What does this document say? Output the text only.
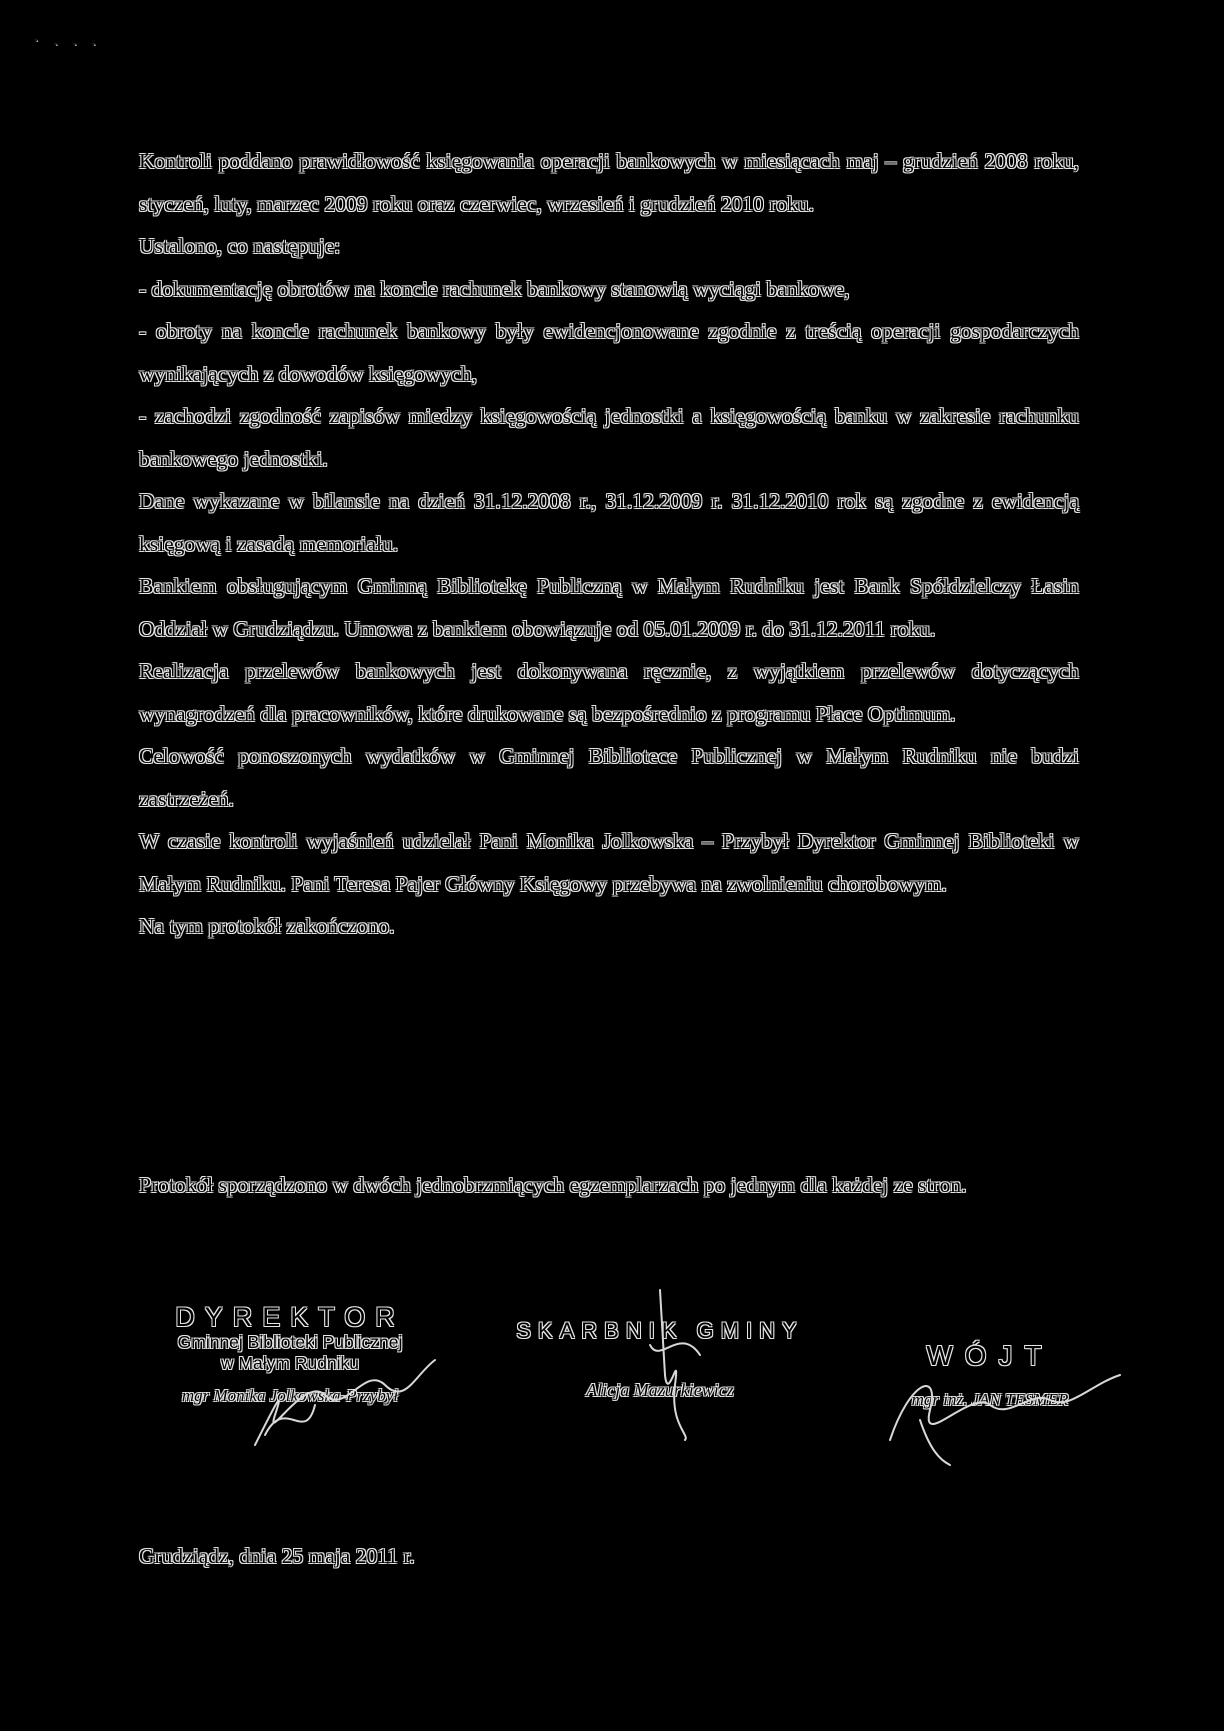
· . . .

Kontroli poddano prawidłowość księgowania operacji bankowych w miesiącach maj – grudzień 2008 roku, styczeń, luty, marzec 2009 roku oraz czerwiec, wrzesień i grudzień 2010 roku.

Ustalono, co następuje:

- dokumentację obrotów na koncie rachunek bankowy stanowią wyciągi bankowe,

- obroty na koncie rachunek bankowy były ewidencjonowane zgodnie z treścią operacji gospodarczych wynikających z dowodów księgowych,

- zachodzi zgodność zapisów miedzy księgowością jednostki a księgowością banku w zakresie rachunku bankowego jednostki.

Dane wykazane w bilansie na dzień 31.12.2008 r., 31.12.2009 r. 31.12.2010 rok są zgodne z ewidencją księgową i zasadą memoriału.

Bankiem obsługującym Gminną Bibliotekę Publiczną w Małym Rudniku jest Bank Spółdzielczy Łasin Oddział w Grudziądzu. Umowa z bankiem obowiązuje od 05.01.2009 r. do 31.12.2011 roku.

Realizacja przelewów bankowych jest dokonywana ręcznie, z wyjątkiem przelewów dotyczących wynagrodzeń dla pracowników, które drukowane są bezpośrednio z programu Płace Optimum.

Celowość ponoszonych wydatków w Gminnej Bibliotece Publicznej w Małym Rudniku nie budzi zastrzeżeń.

W czasie kontroli wyjaśnień udzielał Pani Monika Jolkowska – Przybył Dyrektor Gminnej Biblioteki w Małym Rudniku. Pani Teresa Pajer Główny Księgowy przebywa na zwolnieniu chorobowym.

Na tym protokół zakończono.

Protokół sporządzono w dwóch jednobrzmiących egzemplarzach po jednym dla każdej ze stron.
DYREKTOR
Gminnej Biblioteki Publicznej
w Małym Rudniku
mgr Monika Jolkowska-Przybył
SKARBNIK GMINY
Alicja Mazurkiewicz
WÓJT
mgr inż. JAN TESMER
Grudziądz, dnia 25 maja 2011 r.
